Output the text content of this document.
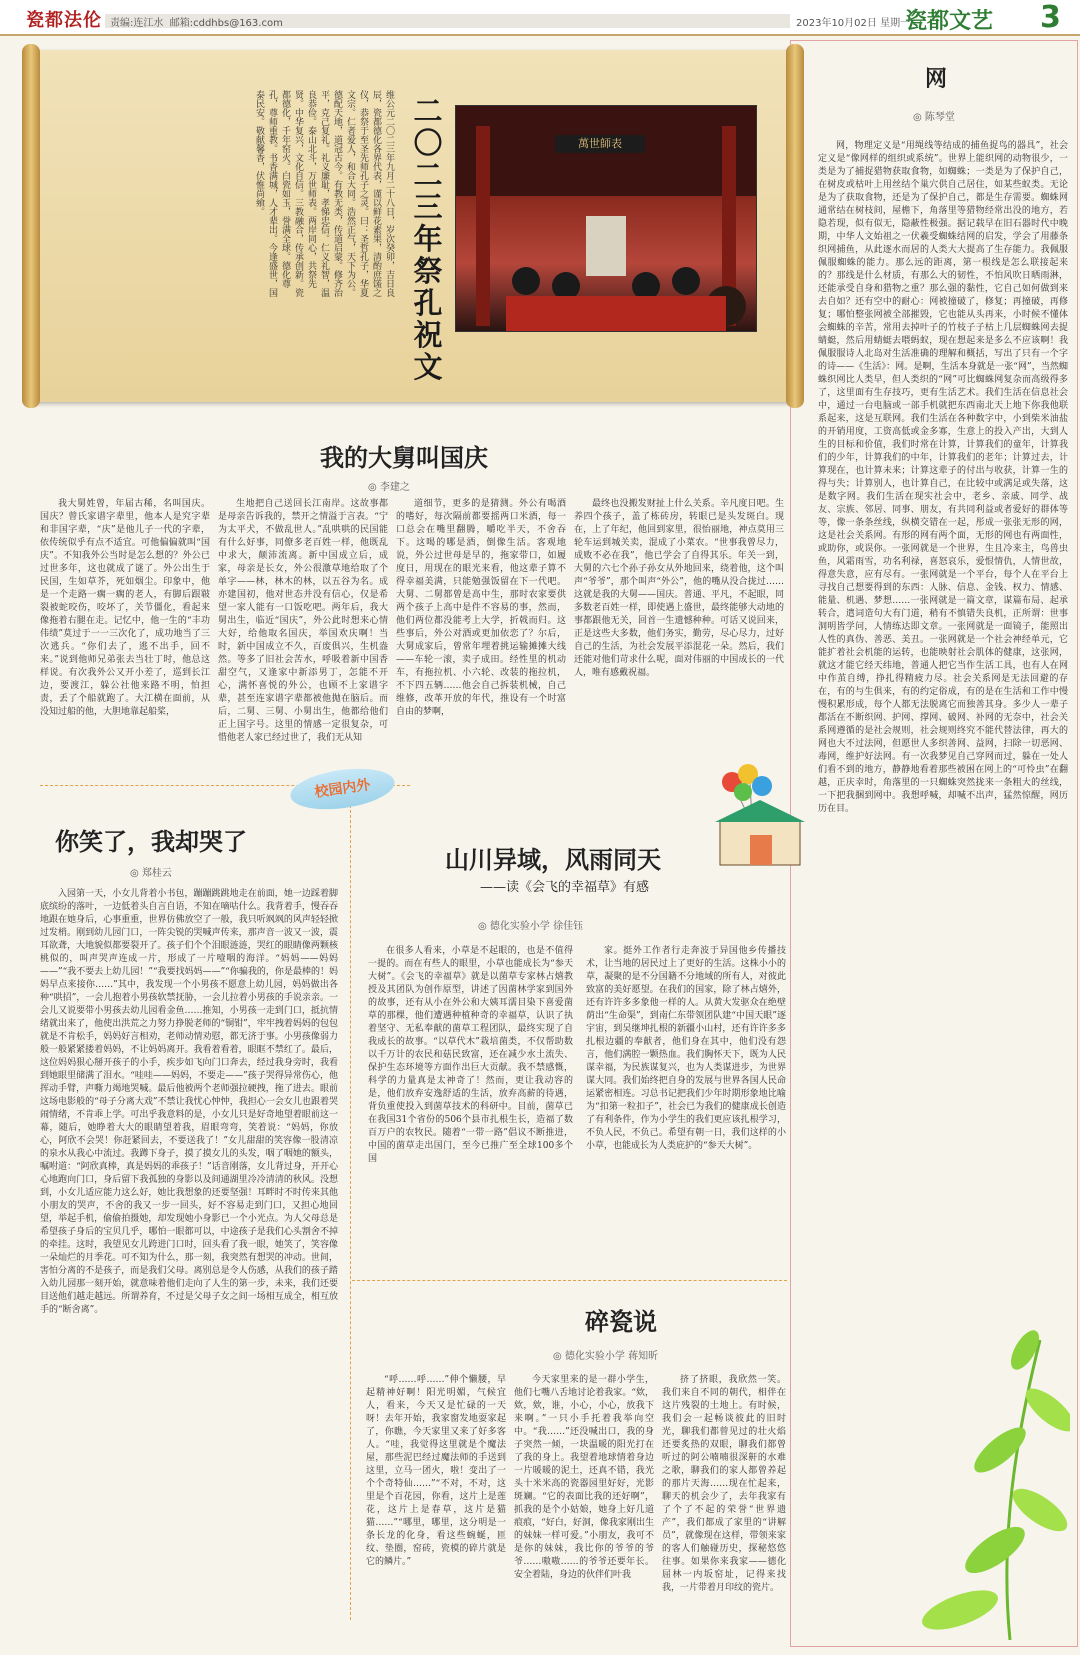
瓷都法伦 责编:连江水 邮箱:cddhbs@163.com	2023年10月02日 星期一
瓷都文艺 3
维公元二〇二三年九月二十八日，岁次癸卯，吉日良辰，瓷都德化各界代表，谨以鲜花素果，清酌庶馐之仪，恭祭于至圣先师孔子之灵。曰：圣哲孔子，华夏文宗。仁者爱人，和合大同。浩然正气，天下为公。德配天地，道冠古今。有教无类，传道启蒙。修齐治平，克己复礼。礼义廉耻，孝悌忠信。仁义礼智，温良恭俭。泰山北斗，万世师表。两岸同心，共祭先贤。中华复兴，文化自信。三教融合，传承创新。瓷都德化，千年窑火。白瓷如玉，誉满全球。德化尊孔，尊师重教。书香满城，人才辈出。今逢盛世，国泰民安。敬献馨香，伏惟尚飨。	二〇二三年祭孔祝文
萬世師表
我的大舅叫国庆
◎ 李建之

我大舅姓曾，年届古稀，名叫国庆。国庆？曾氏家谱字辈里，他本人是究字辈和非国字辈，“庆”是他儿子一代的字辈，依传统似乎有点不适宜。可他偏偏就叫“国庆”。不知我外公当时是怎么想的？外公已过世多年，这也就成了谜了。外公出生于民国，生如草芥，死如烟尘。印象中，他是一个走路一瘸一瘸的老人，有脚后跟皲裂被蛇咬伤，咬坏了，关节僵化，看起来像拖着右腿在走。记忆中，他一生的“丰功伟绩”莫过于一一三次化了，成功地当了三次逃兵。“你们去了，逃不出手，回不来。”说到他师兄弟张去当壮丁时，他总这样说。有次我外公又开小差了，巡到长江边，要渡江，躲公社他来路不明，怕担责，丢了个船就跑了。大江横在面前，从没知过船的他，大胆地靠起船桨，

生地把自己送回长江南岸。这故事都是母亲告诉我的，禁开之情溢于言表。“宁为太平犬，不做乱世人。”乱哄哄的民国能有什么好事，同僚多老百姓一样，他既乱中求大，颠沛流离。新中国成立后，成家，母亲是长女，外公很激草地给取了个单字——林，林木的林，以五谷为名。成亦建国初，他对世态并没有信心，仅是希望一家人能有一口饭吃吧。两年后，我大舅出生，临近“国庆”，外公此时想来心情大好，给他取名国庆，举国欢庆啊！当时，新中国成立不久，百废俱兴，生机盎然。等多了旧社会苦水，呼吸着新中国香甜空气，又逢家中新添男丁，怎能不开心，满怀喜悦的外公，也顾不上家谱字辈，甚至连家谱字辈都被他抛在脑后。而后，二舅、三舅、小舅出生，他都给他们正上国字号。这里的情感一定很复杂，可惜他老人家已经过世了，我们无从知

道细节，更多的是猜测。外公有喝酒的嗜好，每次隔前都要摇两口米酒，每一口总会在嘴里翻腾，嚼吃半天，不舍吞下。这喝的哪是酒，倒像生活。客观地说，外公过世母是早的，拖家带口，如履度日，用现在的眼光来看，他这辈子算不得幸福美满，只能勉强饭留在下一代吧。大舅、二舅都曾是高中生，那时农家要供两个孩子上高中是件不容易的事，然而，他们两位都没能考上大学，折戟而归。这些事后，外公对酒或更加依恋了？尔后，大舅成家后，曾常年埋着挑运输摊摊大线——车轮一滚，卖子成田。经性里的机动车，有拖拉机、小六轮、改装的拖拉机，不下四五辆……他会自己拆装机械，自己维修，改革开放的年代，推设有一个时富自由的梦啊，

最终也没搬发财扯上什么关系。辛凡度日吧。生养四个孩子，盖了栋砖房，转眼已是头发斑白。现在，上了年纪，他回到家里，很怡丽地，神点莫用三轮车运到城关卖，混成了小菜农。“世事我曾尽力，成败不必在我”，他已学会了自得其乐。年关一到，大舅的六七个孙子孙女从外地回来，绕着他，这个叫声“爷爷”，那个叫声“外公”，他的嘴从没合拢过……这就是我的大舅——国庆。普通、平凡，不起眼，同多数老百姓一样，即使遇上盛世，最终能够大动地的事都跟他无关，回首一生遗憾种种。可话又说回来，正是这些大多数，他们务实，勤劳，尽心尽力，过好自己的生活，为社会发展平添混花一朵。然后，我们还能对他们苛求什么呢，面对伟丽的中国成长的一代人，唯有感戴祝福。

校园内外
你笑了，我却哭了
◎ 郑桂云

入园第一天，小女儿背着小书包，蹦蹦跳跳地走在前面，她一边踩着脚底缤纷的落叶，一边低着头自言自语，不知在嘀咕什么。我背着手，慢吞吞地跟在她身后，心事重重，世界仿佛放空了一般，我只听飒飒的风声轻轻掀过发梢。刚到幼儿园门口，一阵尖锐的哭喊声传来，那声音一波又一波，震耳欲聋，大地貌似都要裂开了。孩子们个个泪眼涟涟，哭红的眼睛像两颗核桃似的，叫声哭声连成一片，形成了一片噎咽的海洋。“妈妈——妈妈——”“我不要去上幼儿园！”“我要找妈妈——”“你骗我的，你是最棒的！妈妈早点来接你……”其中，我发现一个小男孩不愿意上幼儿园，妈妈做出各种“哄招”，一会儿抱着小男孩软禁抚胁，一会儿拉着小男孩的手说亲亲。一会儿又说要带小男孩去幼儿园看金鱼……推知，小男孩一走到门口，抵抗情绪就出来了，他使出洪荒之力努力挣脱老师的“铜钳”，牢牢拽着妈妈的包包就是不肯松手，妈妈好言相劝，老师动情劝慰，都无济于事。小男孩像弱力般一般紧紧搂着妈妈，不让妈妈离开。我看着看着，眼眶不禁红了。最后，这位妈妈狠心掰开孩子的小手，疾步如飞向门口奔去，经过我身旁时，我看到她眼里储满了泪水。“哇哇——妈妈，不要走——”孩子哭得异常伤心，他挥动手臂，声嘶力竭地哭喊。最后他被两个老师强拉硬拽，拖了进去。眼前这场电影般的“母子分离大戏”不禁让我忧心忡忡，我担心一会女儿也跟着哭闹情绪，不肯乖上学。可出乎我意料的是，小女儿只是好奇地望着眼前这一幕，随后，她睁着大大的眼睛望着我，眉眼弯弯，笑着说：“妈妈，你放心，阿欣不会哭！你赶紧回去，不要送我了！”女儿甜甜的笑容像一股清凉的泉水从我心中流过。我蹲下身子，摸了摸女儿的头发，咽了咽她的额头，嘱咐道：“阿欣真棒，真是妈妈的乖孩子！”话音刚落，女儿背过身，开开心心地跑向门口，身后留下我孤独的身影以及间通湖里冷冷清清的秋风。没想到，小女儿适应能力这么好，她比我想象的还要坚强！耳畔时不时传来其他小朋友的哭声，不舍的我又一步一回头，好不容易走到门口，又担心地回望，举起手机，偷偷拍摄她，却发现她小身影已一个小光点。为人父母总是希望孩子身后的宝贝几乎，哪怕一眼都可以，中途孩子是我们心头割舍不掉的牵挂。这时，我望见女儿跨进门口时，回头看了我一眼，她笑了，笑容像一朵灿烂的月季花。可不知为什么，那一刻，我突然有想哭的冲动。世间，害怕分离的不是孩子，而是我们父母。离别总是令人伤感，从我们的孩子踏入幼儿园那一刻开始，就意味着他们走向了人生的第一步，未来，我们还要目送他们越走越远。所谓养育，不过是父母子女之间一场相互成全，相互放手的“断舍离”。

山川异域，风雨同天
——读《会飞的幸福草》有感
◎ 德化实验小学 徐佳钰

在很多人看来，小草是不起眼的，也是不值得一提的。而在有些人的眼里，小草也能成长为“参天大树”。《会飞的幸福草》就是以菌草专家林占熺教授及其团队为创作原型，讲述了因菌林学家到国外的故事，还有从小在外公和大姨耳濡目染下喜爱菌草的那棵，他们遭遇种植种奇的幸福草，认识了执着坚守、无私奉献的菌草工程团队，最终实现了自我成长的故事。“以草代木”栽培菌类，不仅帮助数以千万计的农民和菇民致富，还在减少水土流失、保护生态环境等方面作出巨大贡献。我不禁感慨，科学的力量真是太神奇了！然而，更让我动容的是，他们放弃安逸舒适的生活，放弃高薪的待遇，背负重使投入到菌草技术的科研中。目前，菌草已在我国31个省份的506个县市扎根生长，造福了数百万户的农牧民。随着“一带一路”倡议不断推进，中国的菌草走出国门，至今已推广至全球100多个国

家。挺外工作者行走奔波于异国他乡传播技术，让当地的居民过上了更好的生活。这株小小的草，凝聚的是不分国籍不分地域的所有人，对彼此致富的美好愿望。在我们的国家，除了林占熺外，还有许许多多象他一样的人。从黄大发驱众在绝壁荫出“生命渠”，到南仁东带领团队建“中国天眼”逐宇宙，到吴继坤扎根的新疆小山村，还有许许多多扎根边疆的奉献者，他们身在其中，他们没有怨言，他们满腔一颗热血。我们胸怀天下，既为人民谋幸福，为民族谋复兴，也为人类谋进步，为世界谋大同。我们始终把自身的发展与世界各国人民命运紧密相连。习总书记把我们少年时期形象地比喻为“扣第一粒扣子”，社会已为我们的健康成长创造了有利条件，作为小学生的我们更应该扎根学习，不负人民，不负己。希望有朝一日，我们这样的小小草，也能成长为人类庇护的“参天大树”。

碎瓷说
◎ 德化实验小学 蒋知昕

“呼……呼……”伸个懒腰，早起精神好啊！阳光明媚，气候宜人，看来，今天又是忙碌的一天呀！去年开始，我家窗发地耍家起了，你瞧，今天家里又来了好多客人。“哇，我觉得这里就是个魔法屋，那些泥巴经过魔法师的手送到这里，立马一团火，啦！变出了一个个奇特仙……”“不对，不对，这里是个百花园，你看，这片上是莲花，这片上是春草，这片是猫猫……”“哪里，哪里，这分明是一条长龙的化身，看这些蜿蜒，匝纹、垫圈，窑砖，瓷模的碎片就是它的鳞片。”

今天家里来的是一群小学生，他们七嘴八舌地讨论着我家。“欸，欸，欸，谁，小心，小心，放我下来啊。”一只小手托着我举向空中。“我……”还没喊出口，我的身子突然一倾，一块温暖的阳光打在了我的身上。我望着地球情着身边一片暖暖的泥土，还真不错，我光头十米米高的瓷器园里好好，光影斑斓。“它的表面比我的还好啊”，抓我的是个小姑娘，她身上好几道痕痕，“好白，好洞，像我家刚出生的妹妹一样可爱。”小朋友，我可不是你的妹妹，我比你的爷爷的爷爷……嗷嗷……的爷爷还要年长。安全着陆，身边的伙伴们叶我

挤了挤眼，我欣然一笑。我们来自不同的朝代，相伴在这片残裂的土地上。有时候，我们会一起畅谈彼此的旧时光，聊我们都曾见过的壮火焰还要炙热的双眼，聊我们都曾听过的阿公喃喃很深鼾的水难之歌，聊我们的家人都曾养起的那片天海……现在忙起来，聊天的机会少了，去年我家有了个了不起的荣誉“世界遗产”，我们都成了家里的“讲解员”，就像现在这样，带领来家的客人们触碰历史，探秘悠悠往事。如果你来我家——德化屈林一内坂窑址，记得来找我，一片带着月印纹的瓷片。

网
◎ 陈琴堂

网，物理定义是“用绳线等结成的捕鱼捉鸟的器具”，社会定义是“像网样的组织或系统”。世界上能织网的动物很少，一类是为了捕捉猎物获取食物，如蜘蛛；一类是为了保护自己，在树皮或枯叶上用丝结个巢穴供自己居住，如某些蚁类。无论是为了获取食物，还是为了保护自己，都是生存需要。蜘蛛网通常结在树枝间，屋檐下，角落里等猎物经常出没的地方，若隐若现，似有似无，隐蔽性极强。据记载早在旧石器时代中晚期，中华人文始祖之一伏羲受蜘蛛结网的启发，学会了用藤条织网捕鱼，从此逐水而居的人类大大提高了生存能力。我佩服佩服蜘蛛的能力。那么远的距离，第一根线是怎么联接起来的？那线是什么材质，有那么大的韧性，不怕风吹日晒雨淋，还能承受自身和猎物之重？那么强的黏性，它自己如何做到来去自如？还有空中的耐心：网被撞破了，修复；再撞破，再修复；哪怕整张网被全部摧毁，它也能从头再来，小时候不懂体会蜘蛛的辛苦，常用去掉叶子的竹枝子子枯上几层蜘蛛网去捉蜻蜓，然后用蜻蜓去喂蚂蚁，现在想起来是多么不应该啊！我佩服服诗人北岛对生活准确的理解和概括，写出了只有一个字的诗——《生活》：网。是啊，生活本身就是一张“网”，当然蜘蛛织网比人类早，但人类织的“网”可比蜘蛛网复杂而高级得多了，这里面有生存技巧，更有生活艺术。我们生活在信息社会中，通过一台电脑或一部手机就把东西南北天上地下你我他联系起来，这是互联网。我们生活在各种数字中，小到柴米油盐的开销用度，工资高低或金多寡，生意上的投入产出，大到人生的目标和价值，我们时常在计算，计算我们的童年，计算我们的少年，计算我们的中年，计算我们的老年；计算过去，计算现在，也计算未来；计算这辈子的付出与收获，计算一生的得与失；计算别人，也计算自己，在比较中或满足或失落，这是数字网。我们生活在现实社会中，老乡、亲戚、同学、战友、宗族、邻居、同事、朋友，有共同利益或者爱好的群体等等，像一条条丝线，纵横交错在一起，彤成一张张无形的网，这是社会关系网。有形的网有两个面，无形的网也有两面性，或助你，或误你。一张网就是一个世界，生且冷来主，鸟兽虫鱼，风霜雨雪，功名利禄，喜怒哀乐，爱恨情仇，人情世故，得意失意，应有尽有。一张网就是一个平台，每个人在平台上寻找自己想要得到的东西：人脉、信息、金钱、权力、情感、能量、机遇、梦想……一张网就是一篇文章，谋篇布局、起承转合，遣词造句大有门道，稍有不慎错失良机，正所谓：世事洞明皆学问，人情练达即文章。一张网就是一面镜子，能照出人性的真伪、善恶、美丑。一张网就是一个社会神经单元，它能扩着社会机能的运转，也能映射社会肌体的健康，这张网，就这才能它经天纬地，普通人把它当作生活工具，也有人在网中作茧自缚，挣扎得精疲力尽。社会关系网是无法回避的存在，有的与生俱来，有的约定俗成，有的是在生活和工作中慢慢积累形成，每个人都无法脱离它而独善其身。多少人一辈子都活在不断织网、护网、撑网、破网、补网的无奈中，社会关系网遵循的是社会规则，社会规则终究不能代替法律，再大的网也大不过法网，但愿世人多织善网、益网，扫除一切恶网、毒网，维护好法网。有一次我梦见自己穿网而过，躲在一处人们看不到的地方，静静地看着那些被困在网上的“可怜虫”在翻越，正庆幸时，角落里的一只蜘蛛突然拢来一条粗大的丝线，一下把我捆到网中。我想呼喊，却喊不出声，猛然惊醒，网历历在目。
